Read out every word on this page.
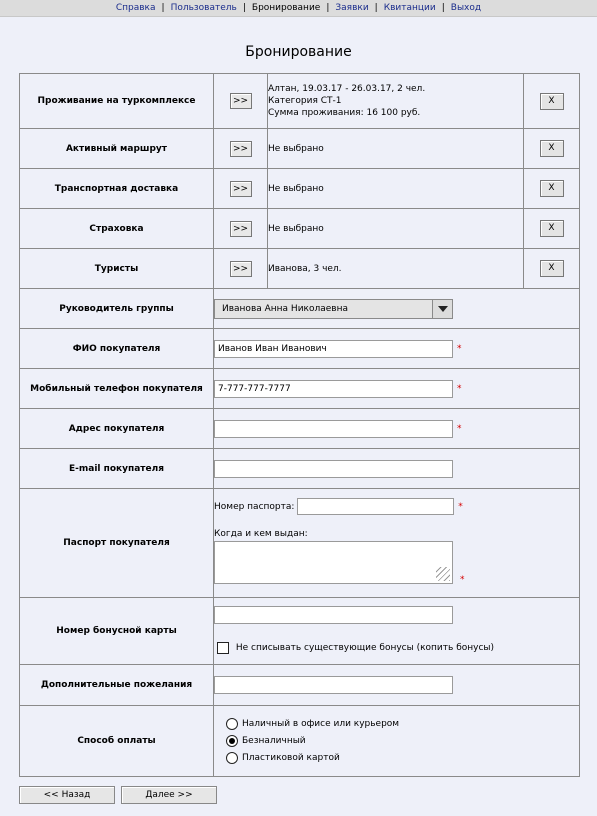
Справка | Пользователь | Бронирование | Заявки | Квитанции | Выход
Бронирование
Проживание на туркомплексе	>>	Алтан, 19.03.17 - 26.03.17, 2 чел.
Категория СТ-1
Сумма проживания: 16 100 руб.	X
Активный маршрут	>>	Не выбрано	X
Транспортная доставка	>>	Не выбрано	X
Страховка	>>	Не выбрано	X
Туристы	>>	Иванова, 3 чел.	X
Руководитель группы	Иванова Анна Николаевна		

ФИО покупателя	Иванов Иван Иванович *		
Мобильный телефон покупателя	7-777-777-7777 *		
Адрес покупателя	*		
E-mail покупателя			
Паспорт покупателя	Номер паспорта: *
Когда и кем выдан:
*		

Номер бонусной карты	Не списывать существующие бонусы (копить бонусы)		

Дополнительные пожелания			
Способ оплаты	Наличный в офисе или курьером
Безналичный
Пластиковой картой		
<< Назад	Далее >>
